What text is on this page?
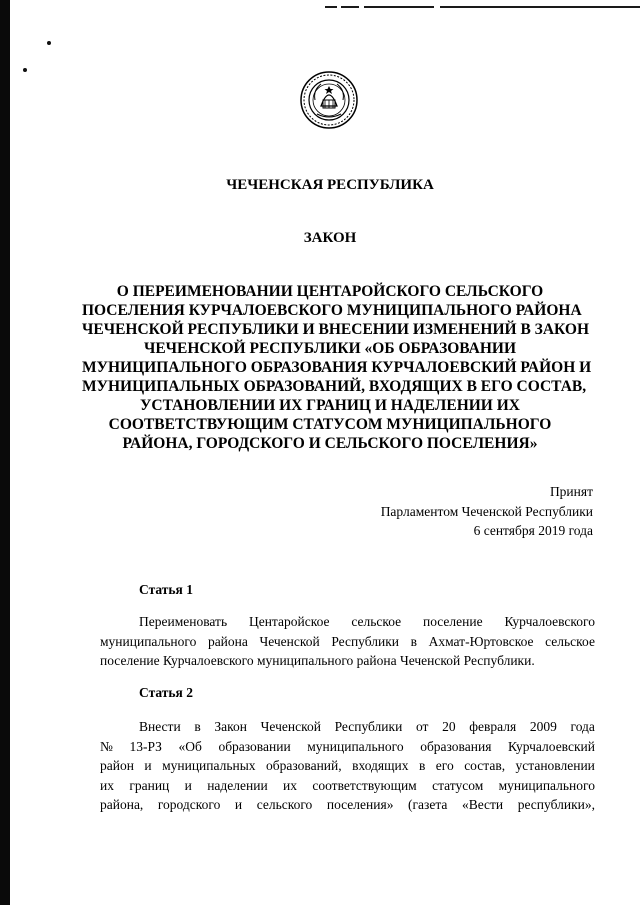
ЧЕЧЕНСКАЯ РЕСПУБЛИКА
ЗАКОН
О ПЕРЕИМЕНОВАНИИ ЦЕНТАРОЙСКОГО СЕЛЬСКОГО
ПОСЕЛЕНИЯ КУРЧАЛОЕВСКОГО МУНИЦИПАЛЬНОГО РАЙОНА
ЧЕЧЕНСКОЙ РЕСПУБЛИКИ И ВНЕСЕНИИ ИЗМЕНЕНИЙ В ЗАКОН
ЧЕЧЕНСКОЙ РЕСПУБЛИКИ «ОБ ОБРАЗОВАНИИ
МУНИЦИПАЛЬНОГО ОБРАЗОВАНИЯ КУРЧАЛОЕВСКИЙ РАЙОН И
МУНИЦИПАЛЬНЫХ ОБРАЗОВАНИЙ, ВХОДЯЩИХ В ЕГО СОСТАВ,
УСТАНОВЛЕНИИ ИХ ГРАНИЦ И НАДЕЛЕНИИ ИХ
СООТВЕТСТВУЮЩИМ СТАТУСОМ МУНИЦИПАЛЬНОГО
РАЙОНА, ГОРОДСКОГО И СЕЛЬСКОГО ПОСЕЛЕНИЯ»
Принят
Парламентом Чеченской Республики
6 сентября 2019 года
Статья 1
Переименовать Центаройское сельское поселение Курчалоевского
муниципального района Чеченской Республики в Ахмат-Юртовское сельское
поселение Курчалоевского муниципального района Чеченской Республики.
Статья 2
Внести в Закон Чеченской Республики от 20 февраля 2009 года
№ 13-РЗ «Об образовании муниципального образования Курчалоевский
район и муниципальных образований, входящих в его состав, установлении
их границ и наделении их соответствующим статусом муниципального
района, городского и сельского поселения» (газета «Вести республики»,
